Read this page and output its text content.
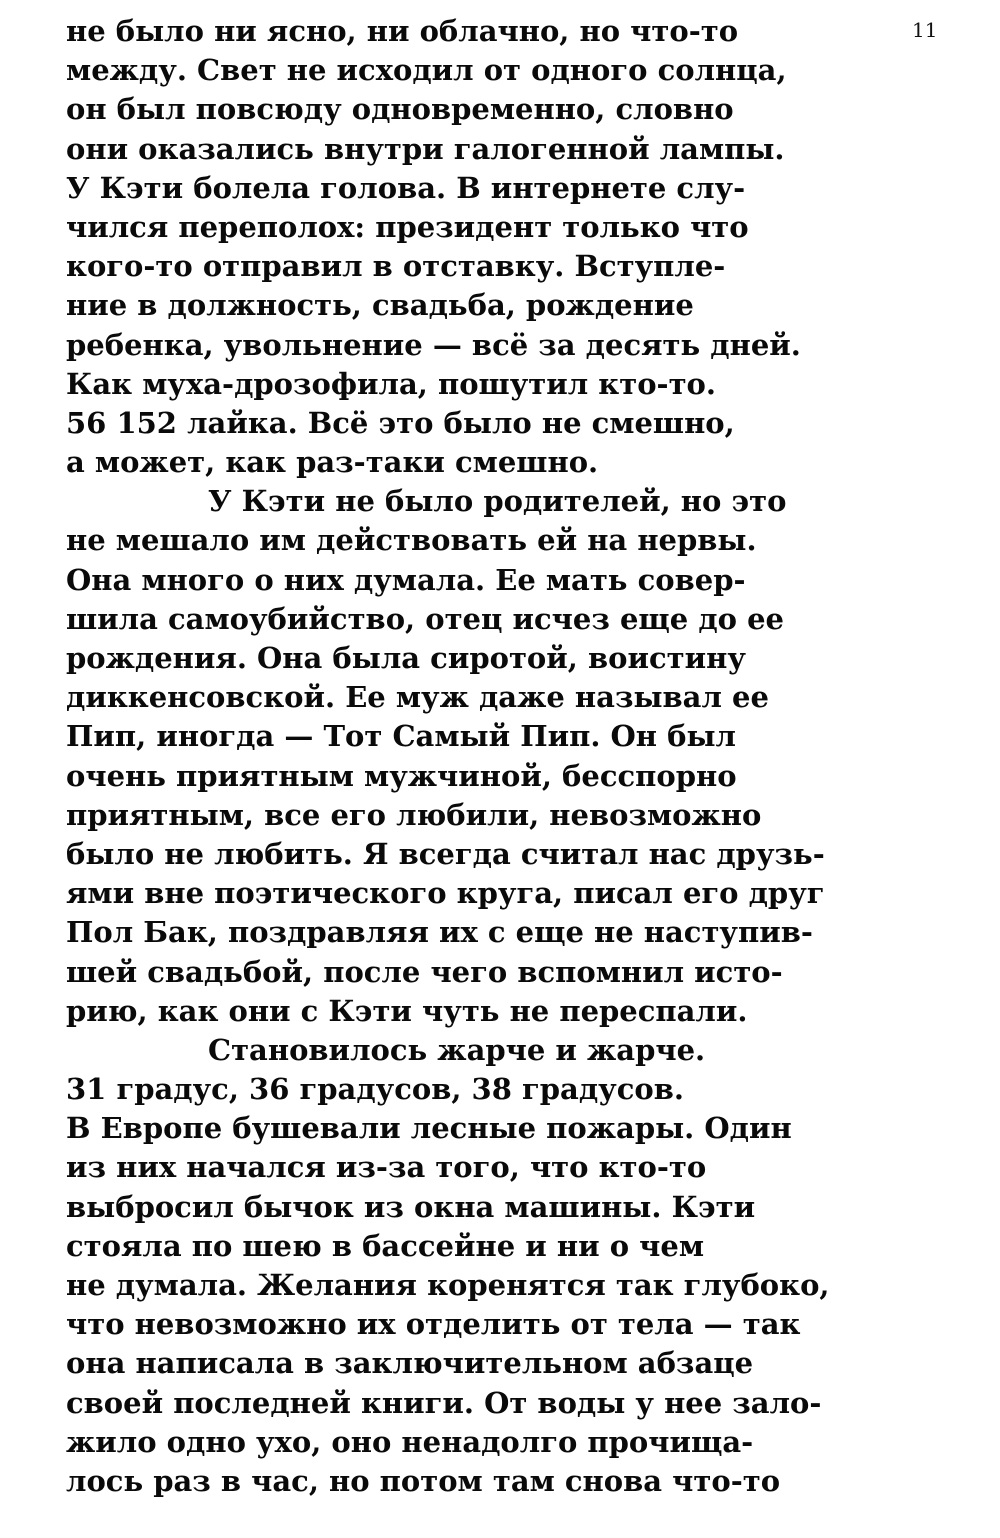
11
не было ни ясно, ни облачно, но что-то
между. Свет не исходил от одного солнца,
он был повсюду одновременно, словно
они оказались внутри галогенной лампы.
У Кэти болела голова. В интернете слу-
чился переполох: президент только что
кого-то отправил в отставку. Вступле-
ние в должность, свадьба, рождение
ребенка, увольнение — всё за десять дней.
Как муха-дрозофила, пошутил кто-то.
56 152 лайка. Всё это было не смешно,
а может, как раз-таки смешно.
У Кэти не было родителей, но это
не мешало им действовать ей на нервы.
Она много о них думала. Ее мать совер-
шила самоубийство, отец исчез еще до ее
рождения. Она была сиротой, воистину
диккенсовской. Ее муж даже называл ее
Пип, иногда — Тот Самый Пип. Он был
очень приятным мужчиной, бесспорно
приятным, все его любили, невозможно
было не любить. Я всегда считал нас друзь-
ями вне поэтического круга, писал его друг
Пол Бак, поздравляя их с еще не наступив-
шей свадьбой, после чего вспомнил исто-
рию, как они с Кэти чуть не переспали.
Становилось жарче и жарче.
31 градус, 36 градусов, 38 градусов.
В Европе бушевали лесные пожары. Один
из них начался из-за того, что кто-то
выбросил бычок из окна машины. Кэти
стояла по шею в бассейне и ни о чем
не думала. Желания коренятся так глубоко,
что невозможно их отделить от тела — так
она написала в заключительном абзаце
своей последней книги. От воды у нее зало-
жило одно ухо, оно ненадолго прочища-
лось раз в час, но потом там снова что-то
